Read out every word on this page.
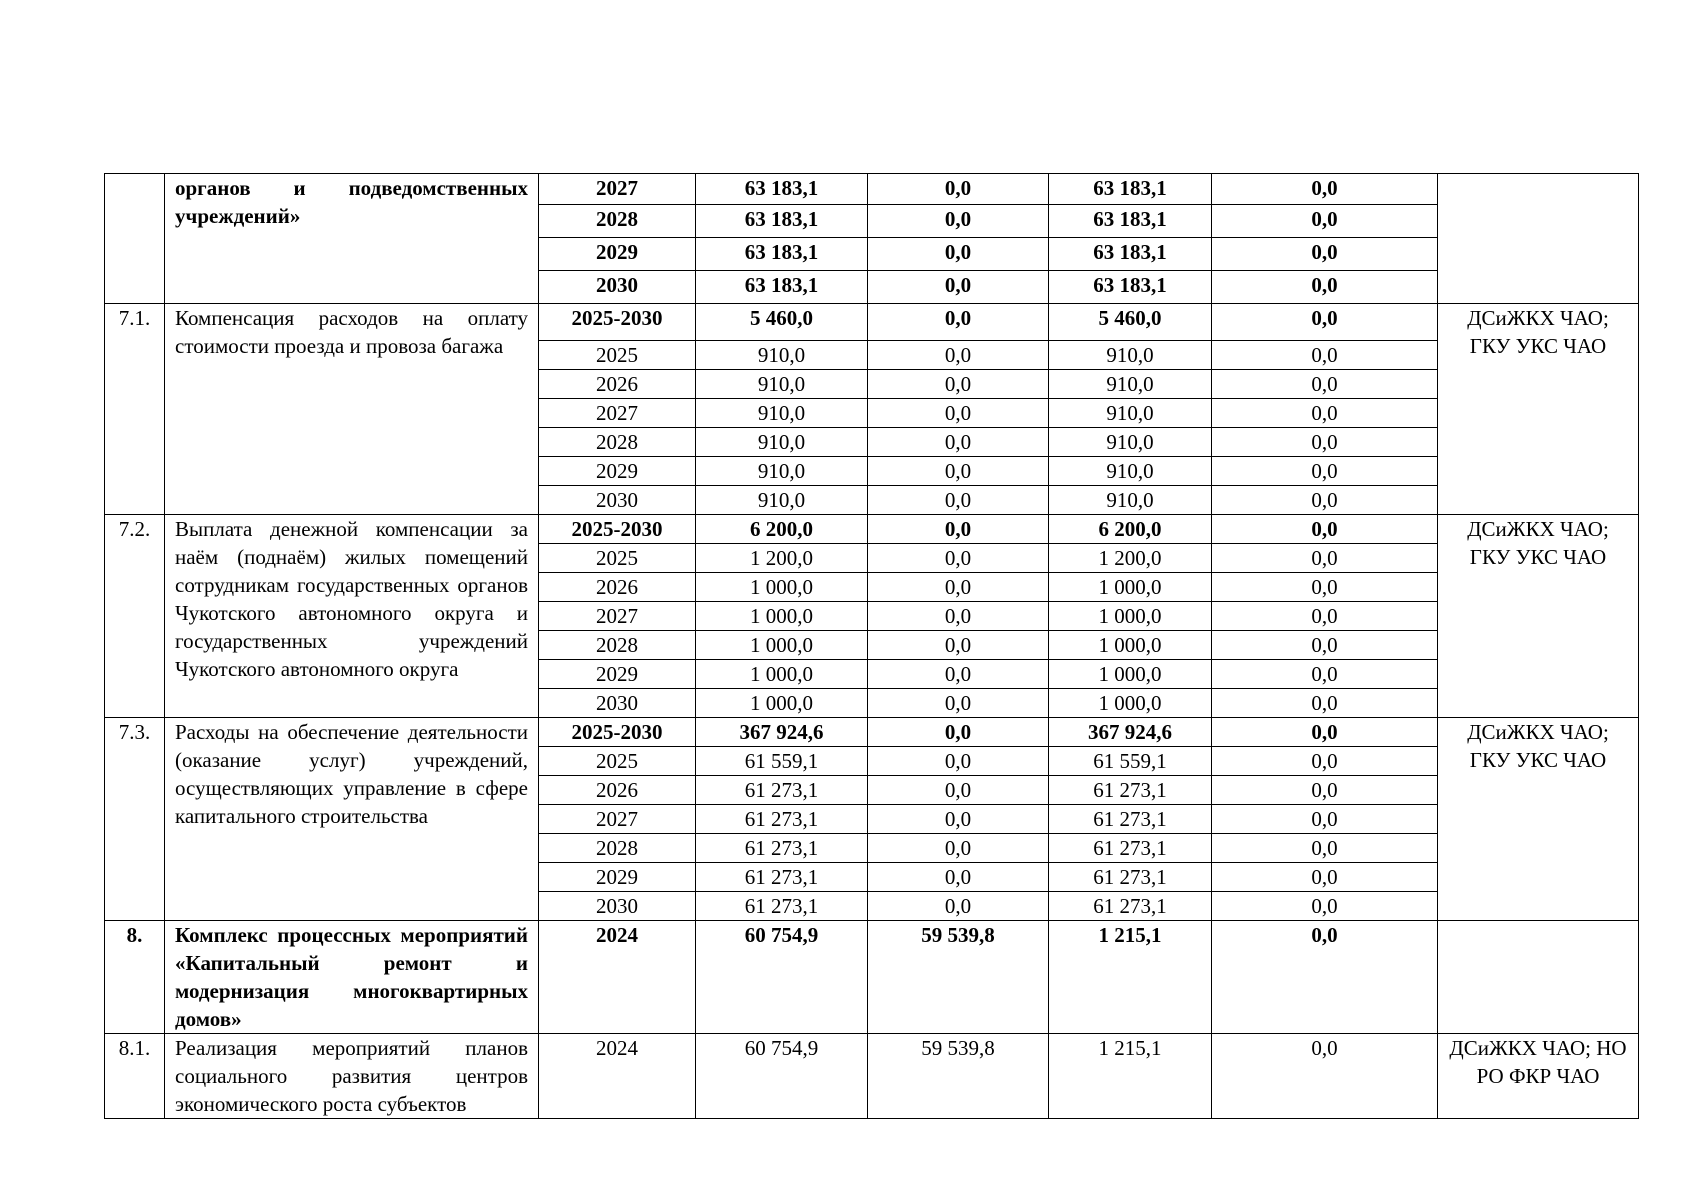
	органов и подведомственных учреждений»	2027	63 183,1	0,0	63 183,1	0,0	
		2028	63 183,1	0,0	63 183,1	0,0	
		2029	63 183,1	0,0	63 183,1	0,0	
		2030	63 183,1	0,0	63 183,1	0,0	
7.1.	Компенсация расходов на оплату стоимости проезда и провоза багажа	2025-2030	5 460,0	0,0	5 460,0	0,0	ДСиЖКХ ЧАО; ГКУ УКС ЧАО
		2025	910,0	0,0	910,0	0,0	
		2026	910,0	0,0	910,0	0,0	
		2027	910,0	0,0	910,0	0,0	
		2028	910,0	0,0	910,0	0,0	
		2029	910,0	0,0	910,0	0,0	
		2030	910,0	0,0	910,0	0,0	
7.2.	Выплата денежной компенсации за наём (поднаём) жилых помещений сотрудникам государственных органов Чукотского автономного округа и государственных учреждений Чукотского автономного округа	2025-2030	6 200,0	0,0	6 200,0	0,0	ДСиЖКХ ЧАО; ГКУ УКС ЧАО
		2025	1 200,0	0,0	1 200,0	0,0	
		2026	1 000,0	0,0	1 000,0	0,0	
		2027	1 000,0	0,0	1 000,0	0,0	
		2028	1 000,0	0,0	1 000,0	0,0	
		2029	1 000,0	0,0	1 000,0	0,0	
		2030	1 000,0	0,0	1 000,0	0,0	
7.3.	Расходы на обеспечение деятельности (оказание услуг) учреждений, осуществляющих управление в сфере капитального строительства	2025-2030	367 924,6	0,0	367 924,6	0,0	ДСиЖКХ ЧАО; ГКУ УКС ЧАО
		2025	61 559,1	0,0	61 559,1	0,0	
		2026	61 273,1	0,0	61 273,1	0,0	
		2027	61 273,1	0,0	61 273,1	0,0	
		2028	61 273,1	0,0	61 273,1	0,0	
		2029	61 273,1	0,0	61 273,1	0,0	
		2030	61 273,1	0,0	61 273,1	0,0	
8.	Комплекс процессных мероприятий «Капитальный ремонт и модернизация многоквартирных домов»	2024	60 754,9	59 539,8	1 215,1	0,0	
8.1.	Реализация мероприятий планов социального развития центров экономического роста субъектов	2024	60 754,9	59 539,8	1 215,1	0,0	ДСиЖКХ ЧАО; НО РО ФКР ЧАО
